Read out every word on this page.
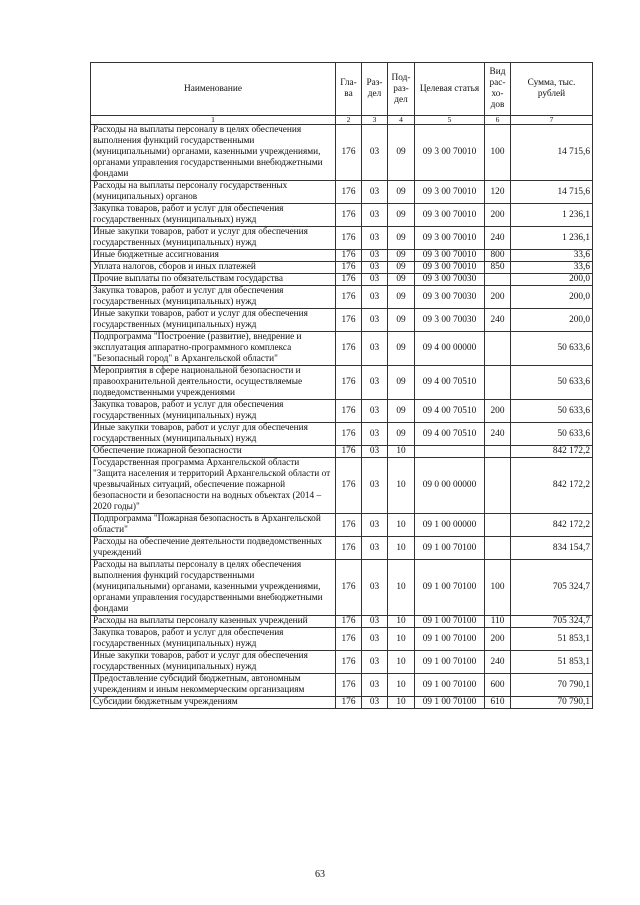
Наименование	Гла-ва	Раз-дел	Под-раз-дел	Целевая статья	Вид рас-хо-дов	Сумма, тыс. рублей
1	2	3	4	5	6	7
Расходы на выплаты персоналу в целях обеспечения выполнения функций государственными (муниципальными) органами, казенными учреждениями, органами управления государственными внебюджетными фондами	176	03	09	09 3 00 70010	100	14 715,6
Расходы на выплаты персоналу государственных (муниципальных) органов	176	03	09	09 3 00 70010	120	14 715,6
Закупка товаров, работ и услуг для обеспечения государственных (муниципальных) нужд	176	03	09	09 3 00 70010	200	1 236,1
Иные закупки товаров, работ и услуг для обеспечения государственных (муниципальных) нужд	176	03	09	09 3 00 70010	240	1 236,1
Иные бюджетные ассигнования	176	03	09	09 3 00 70010	800	33,6
Уплата налогов, сборов и иных платежей	176	03	09	09 3 00 70010	850	33,6
Прочие выплаты по обязательствам государства	176	03	09	09 3 00 70030		200,0
Закупка товаров, работ и услуг для обеспечения государственных (муниципальных) нужд	176	03	09	09 3 00 70030	200	200,0
Иные закупки товаров, работ и услуг для обеспечения государственных (муниципальных) нужд	176	03	09	09 3 00 70030	240	200,0
Подпрограмма "Построение (развитие), внедрение и эксплуатация аппаратно-программного комплекса "Безопасный город" в Архангельской области"	176	03	09	09 4 00 00000		50 633,6
Мероприятия в сфере национальной безопасности и правоохранительной деятельности, осуществляемые подведомственными учреждениями	176	03	09	09 4 00 70510		50 633,6
Закупка товаров, работ и услуг для обеспечения государственных (муниципальных) нужд	176	03	09	09 4 00 70510	200	50 633,6
Иные закупки товаров, работ и услуг для обеспечения государственных (муниципальных) нужд	176	03	09	09 4 00 70510	240	50 633,6
Обеспечение пожарной безопасности	176	03	10			842 172,2
Государственная программа Архангельской области "Защита населения и территорий Архангельской области от чрезвычайных ситуаций, обеспечение пожарной безопасности и безопасности на водных объектах (2014 – 2020 годы)"	176	03	10	09 0 00 00000		842 172,2
Подпрограмма "Пожарная безопасность в Архангельской области"	176	03	10	09 1 00 00000		842 172,2
Расходы на обеспечение деятельности подведомственных учреждений	176	03	10	09 1 00 70100		834 154,7
Расходы на выплаты персоналу в целях обеспечения выполнения функций государственными (муниципальными) органами, казенными учреждениями, органами управления государственными внебюджетными фондами	176	03	10	09 1 00 70100	100	705 324,7
Расходы на выплаты персоналу казенных учреждений	176	03	10	09 1 00 70100	110	705 324,7
Закупка товаров, работ и услуг для обеспечения государственных (муниципальных) нужд	176	03	10	09 1 00 70100	200	51 853,1
Иные закупки товаров, работ и услуг для обеспечения государственных (муниципальных) нужд	176	03	10	09 1 00 70100	240	51 853,1
Предоставление субсидий бюджетным, автономным учреждениям и иным некоммерческим организациям	176	03	10	09 1 00 70100	600	70 790,1
Субсидии бюджетным учреждениям	176	03	10	09 1 00 70100	610	70 790,1
63
